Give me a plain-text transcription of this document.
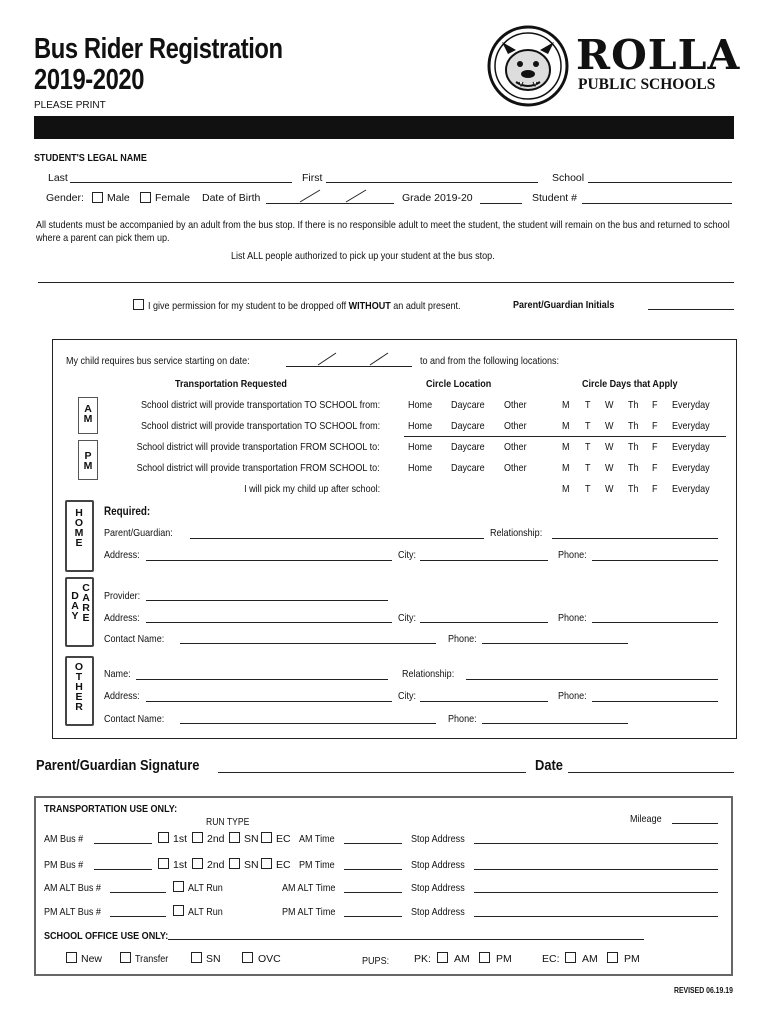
Bus Rider Registration
2019-2020
PLEASE PRINT
ROLLA
PUBLIC SCHOOLS
STUDENT'S LEGAL NAME
Last	First	School
Gender: Male Female Date of Birth	Grade 2019-20	Student #
All students must be accompanied by an adult from the bus stop. If there is no responsible adult to meet the student, the student will remain on the bus and returned to school where a parent can pick them up.
List ALL people authorized to pick up your student at the bus stop.
I give permission for my student to be dropped off WITHOUT an adult present.	Parent/Guardian Initials
My child requires bus service starting on date:	to and from the following locations:
Transportation Requested	Circle Location	Circle Days that Apply
A
M
P
M
School district will provide transportation TO SCHOOL from:	Home	Daycare	Other	M T W Th F Everyday
School district will provide transportation TO SCHOOL from:	Home	Daycare	Other	M T W Th F Everyday
School district will provide transportation FROM SCHOOL to:	Home	Daycare	Other	M T W Th F Everyday
School district will provide transportation FROM SCHOOL to:	Home	Daycare	Other	M T W Th F Everyday
I will pick my child up after school:	M T W Th F Everyday
H
O
M
E
Required:
Parent/Guardian:	Relationship:
Address:	City:	Phone:
D
A
Y
C
A
R
E
Provider:
Address:	City:	Phone:
Contact Name:	Phone:
O
T
H
E
R
Name:	Relationship:
Address:	City:	Phone:
Contact Name:	Phone:
Parent/Guardian Signature	Date
TRANSPORTATION USE ONLY:
RUN TYPE	Mileage
AM Bus #	1st 2nd SN EC AM Time	Stop Address
PM Bus #	1st 2nd SN EC PM Time	Stop Address
AM ALT Bus #	ALT Run	AM ALT Time	Stop Address
PM ALT Bus #	ALT Run	PM ALT Time	Stop Address
SCHOOL OFFICE USE ONLY:
New	Transfer	SN	OVC	PUPS:	PK: AM	PM	EC: AM	PM
REVISED 06.19.19
